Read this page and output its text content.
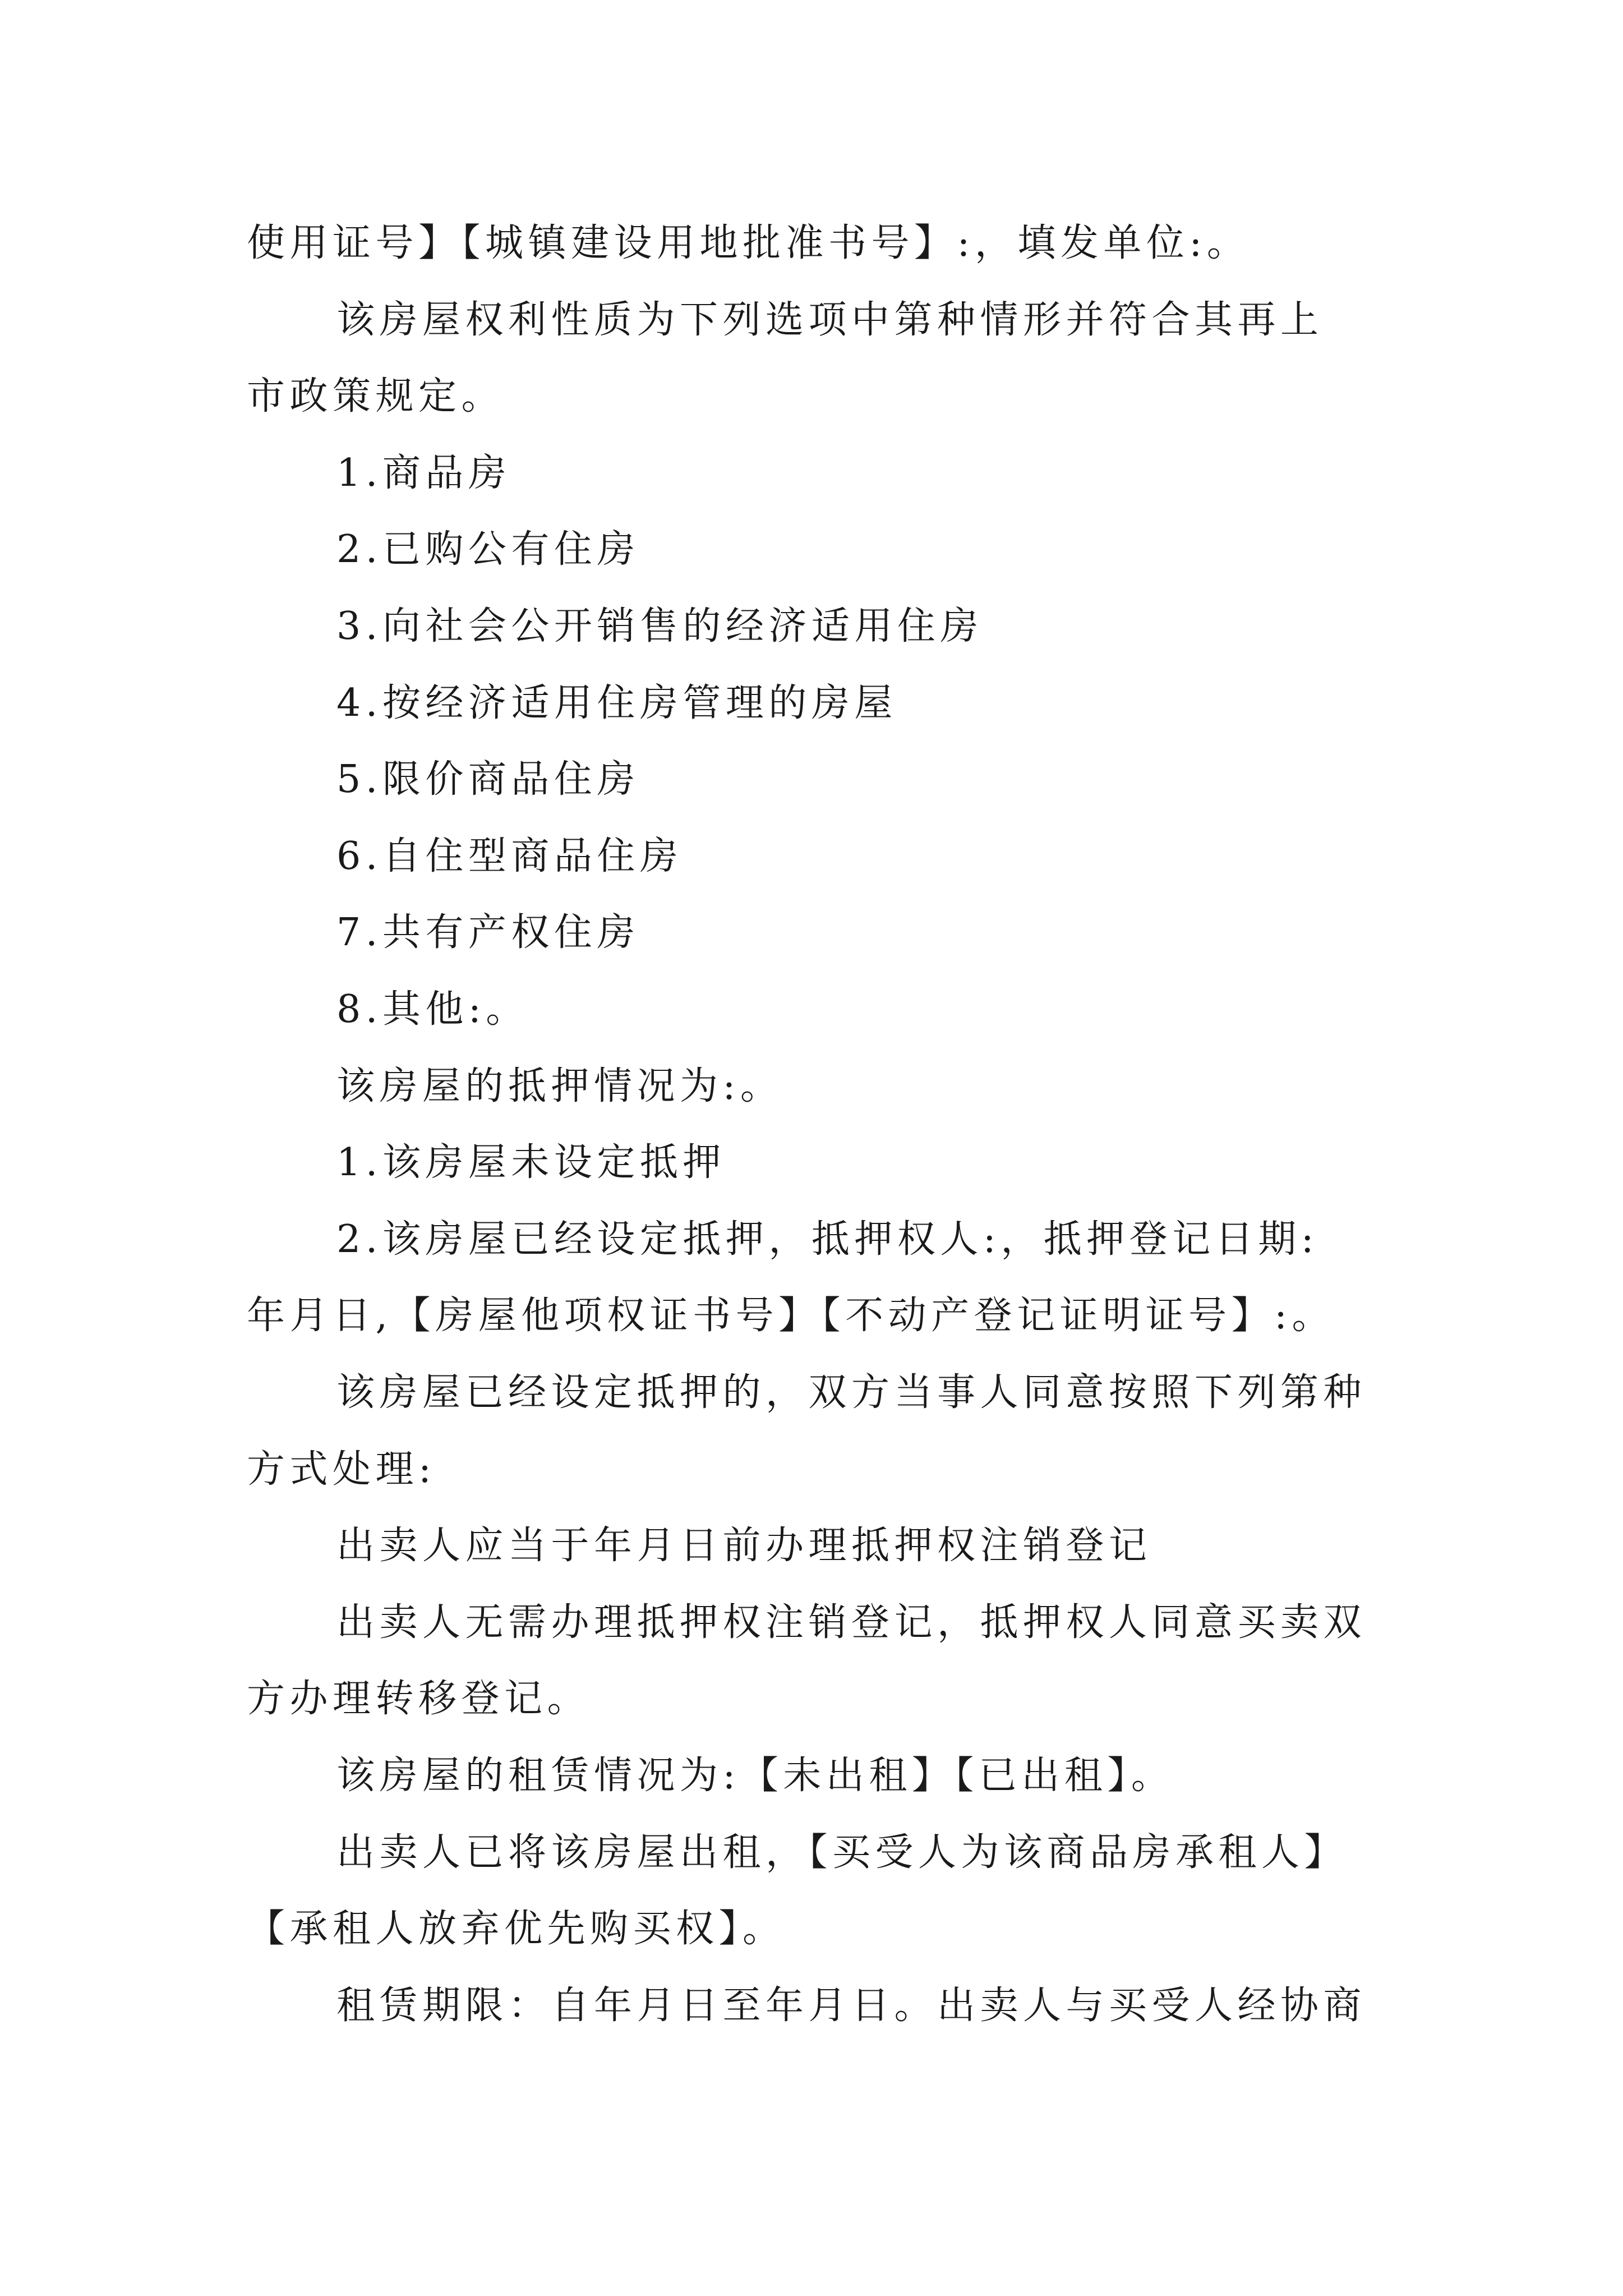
使用证号】【城镇建设用地批准书号】:，填发单位:。
该房屋权利性质为下列选项中第种情形并符合其再上
市政策规定。
1.商品房
2.已购公有住房
3.向社会公开销售的经济适用住房
4.按经济适用住房管理的房屋
5.限价商品住房
6.自住型商品住房
7.共有产权住房
8.其他:。
该房屋的抵押情况为:。
1.该房屋未设定抵押
2.该房屋已经设定抵押，抵押权人:，抵押登记日期:
年月日,【房屋他项权证书号】【不动产登记证明证号】:。
该房屋已经设定抵押的，双方当事人同意按照下列第种
方式处理:
出卖人应当于年月日前办理抵押权注销登记
出卖人无需办理抵押权注销登记，抵押权人同意买卖双
方办理转移登记。
该房屋的租赁情况为:【未出租】【已出租】。
出卖人已将该房屋出租，【买受人为该商品房承租人】
【承租人放弃优先购买权】。
租赁期限：自年月日至年月日。出卖人与买受人经协商
